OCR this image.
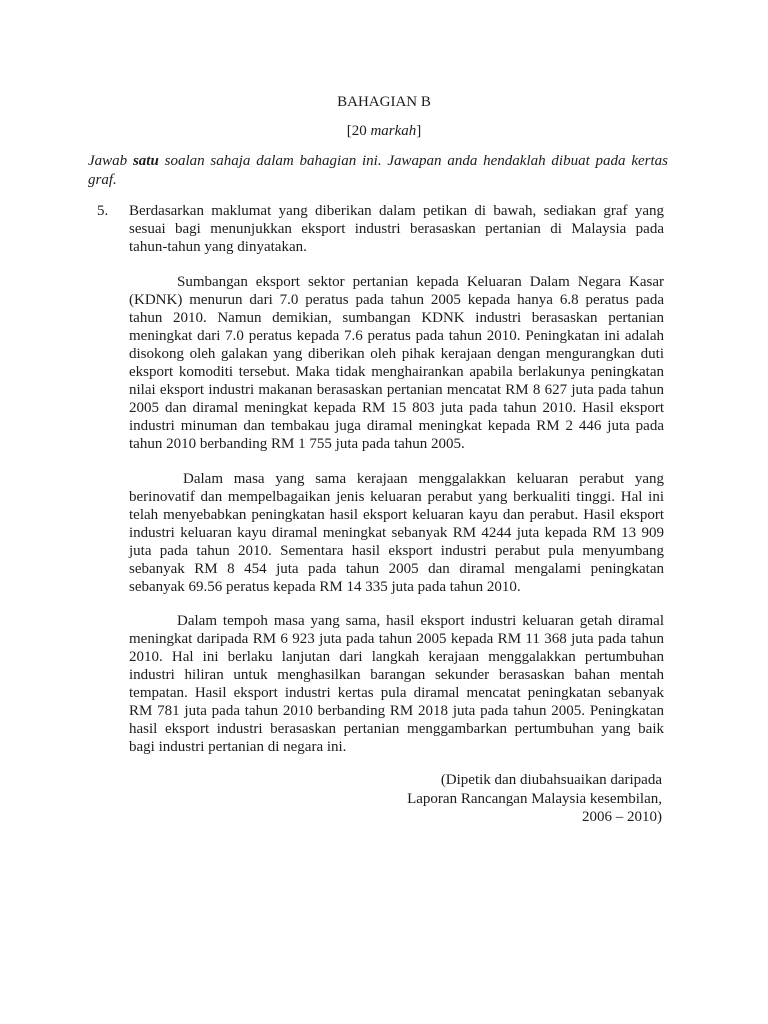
BAHAGIAN B
[20 markah]
Jawab satu soalan sahaja dalam bahagian ini. Jawapan anda hendaklah dibuat pada kertas
graf.
5. Berdasarkan maklumat yang diberikan dalam petikan di bawah, sediakan graf yang
sesuai bagi menunjukkan eksport industri berasaskan pertanian di Malaysia pada
tahun-tahun yang dinyatakan.
Sumbangan eksport sektor pertanian kepada Keluaran Dalam Negara Kasar
(KDNK) menurun dari 7.0 peratus pada tahun 2005 kepada hanya 6.8 peratus pada
tahun 2010. Namun demikian, sumbangan KDNK industri berasaskan pertanian
meningkat dari 7.0 peratus kepada 7.6 peratus pada tahun 2010. Peningkatan ini adalah
disokong oleh galakan yang diberikan oleh pihak kerajaan dengan mengurangkan duti
eksport komoditi tersebut. Maka tidak menghairankan apabila berlakunya peningkatan
nilai eksport industri makanan berasaskan pertanian mencatat RM 8 627 juta pada tahun
2005 dan diramal meningkat kepada RM 15 803 juta pada tahun 2010. Hasil eksport
industri minuman dan tembakau juga diramal meningkat kepada RM 2 446 juta pada
tahun 2010 berbanding RM 1 755 juta pada tahun 2005.
Dalam masa yang sama kerajaan menggalakkan keluaran perabut yang
berinovatif dan mempelbagaikan jenis keluaran perabut yang berkualiti tinggi. Hal ini
telah menyebabkan peningkatan hasil eksport keluaran kayu dan perabut. Hasil eksport
industri keluaran kayu diramal meningkat sebanyak RM 4244 juta kepada RM 13 909
juta pada tahun 2010. Sementara hasil eksport industri perabut pula menyumbang
sebanyak RM 8 454 juta pada tahun 2005 dan diramal mengalami peningkatan
sebanyak 69.56 peratus kepada RM 14 335 juta pada tahun 2010.
Dalam tempoh masa yang sama, hasil eksport industri keluaran getah diramal
meningkat daripada RM 6 923 juta pada tahun 2005 kepada RM 11 368 juta pada tahun
2010. Hal ini berlaku lanjutan dari langkah kerajaan menggalakkan pertumbuhan
industri hiliran untuk menghasilkan barangan sekunder berasaskan bahan mentah
tempatan. Hasil eksport industri kertas pula diramal mencatat peningkatan sebanyak
RM 781 juta pada tahun 2010 berbanding RM 2018 juta pada tahun 2005. Peningkatan
hasil eksport industri berasaskan pertanian menggambarkan pertumbuhan yang baik
bagi industri pertanian di negara ini.
(Dipetik dan diubahsuaikan daripada
Laporan Rancangan Malaysia kesembilan,
2006 – 2010)
